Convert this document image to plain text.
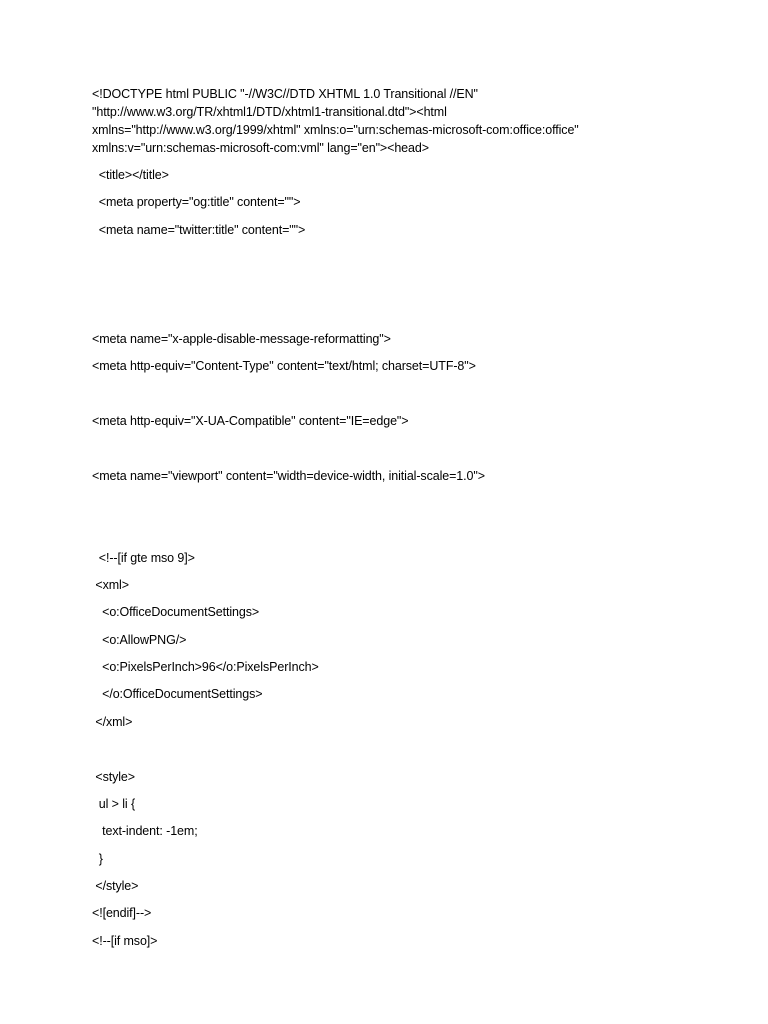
<!DOCTYPE html PUBLIC "-//W3C//DTD XHTML 1.0 Transitional //EN"
"http://www.w3.org/TR/xhtml1/DTD/xhtml1-transitional.dtd"><html
xmlns="http://www.w3.org/1999/xhtml" xmlns:o="urn:schemas-microsoft-com:office:office"
xmlns:v="urn:schemas-microsoft-com:vml" lang="en"><head>
<title></title>
<meta property="og:title" content="">
<meta name="twitter:title" content="">
<meta name="x-apple-disable-message-reformatting">
<meta http-equiv="Content-Type" content="text/html; charset=UTF-8">
<meta http-equiv="X-UA-Compatible" content="IE=edge">
<meta name="viewport" content="width=device-width, initial-scale=1.0">
<!--[if gte mso 9]>
<xml>
<o:OfficeDocumentSettings>
<o:AllowPNG/>
<o:PixelsPerInch>96</o:PixelsPerInch>
</o:OfficeDocumentSettings>
</xml>
<style>
ul > li {
text-indent: -1em;
}
</style>
<![endif]-->
<!--[if mso]>
